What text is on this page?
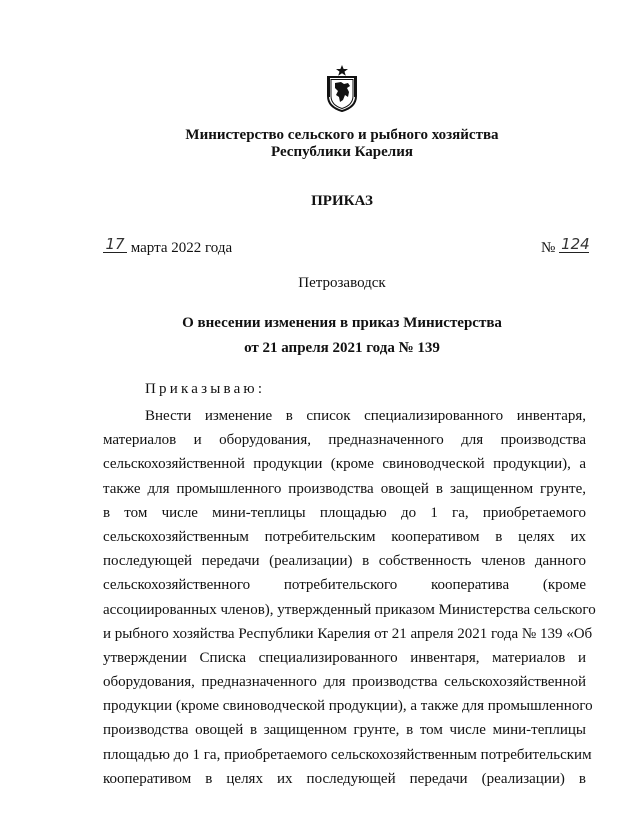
Министерство сельского и рыбного хозяйства
Республики Карелия
ПРИКАЗ
17 марта 2022 года	№ 124
Петрозаводск
О внесении изменения в приказ Министерства
от 21 апреля 2021 года № 139
Приказываю:
Внести изменение в список специализированного инвентаря,
материалов и оборудования, предназначенного для производства
сельскохозяйственной продукции (кроме свиноводческой продукции), а
также для промышленного производства овощей в защищенном грунте,
в том числе мини-теплицы площадью до 1 га, приобретаемого
сельскохозяйственным потребительским кооперативом в целях их
последующей передачи (реализации) в собственность членов данного
сельскохозяйственного потребительского кооператива (кроме
ассоциированных членов), утвержденный приказом Министерства сельского
и рыбного хозяйства Республики Карелия от 21 апреля 2021 года № 139 «Об
утверждении Списка специализированного инвентаря, материалов и
оборудования, предназначенного для производства сельскохозяйственной
продукции (кроме свиноводческой продукции), а также для промышленного
производства овощей в защищенном грунте, в том числе мини-теплицы
площадью до 1 га, приобретаемого сельскохозяйственным потребительским
кооперативом в целях их последующей передачи (реализации) в
